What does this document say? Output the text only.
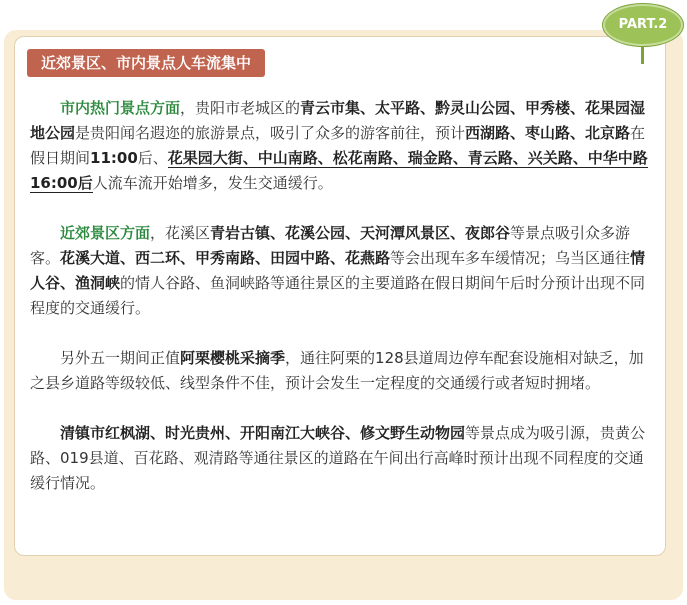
PART.2
近郊景区、市内景点人车流集中

市内热门景点方面，贵阳市老城区的青云市集、太平路、黔灵山公园、甲秀楼、花果园湿地公园是贵阳闻名遐迩的旅游景点，吸引了众多的游客前往，预计西湖路、枣山路、北京路在假日期间11:00后、花果园大街、中山南路、松花南路、瑞金路、青云路、兴关路、中华中路16:00后人流车流开始增多，发生交通缓行。

近郊景区方面，花溪区青岩古镇、花溪公园、天河潭风景区、夜郎谷等景点吸引众多游客。花溪大道、西二环、甲秀南路、田园中路、花燕路等会出现车多车缓情况；乌当区通往情人谷、渔洞峡的情人谷路、鱼洞峡路等通往景区的主要道路在假日期间午后时分预计出现不同程度的交通缓行。

另外五一期间正值阿栗樱桃采摘季，通往阿栗的128县道周边停车配套设施相对缺乏，加之县乡道路等级较低、线型条件不佳，预计会发生一定程度的交通缓行或者短时拥堵。

清镇市红枫湖、时光贵州、开阳南江大峡谷、修文野生动物园等景点成为吸引源，贵黄公路、019县道、百花路、观清路等通往景区的道路在午间出行高峰时预计出现不同程度的交通缓行情况。
